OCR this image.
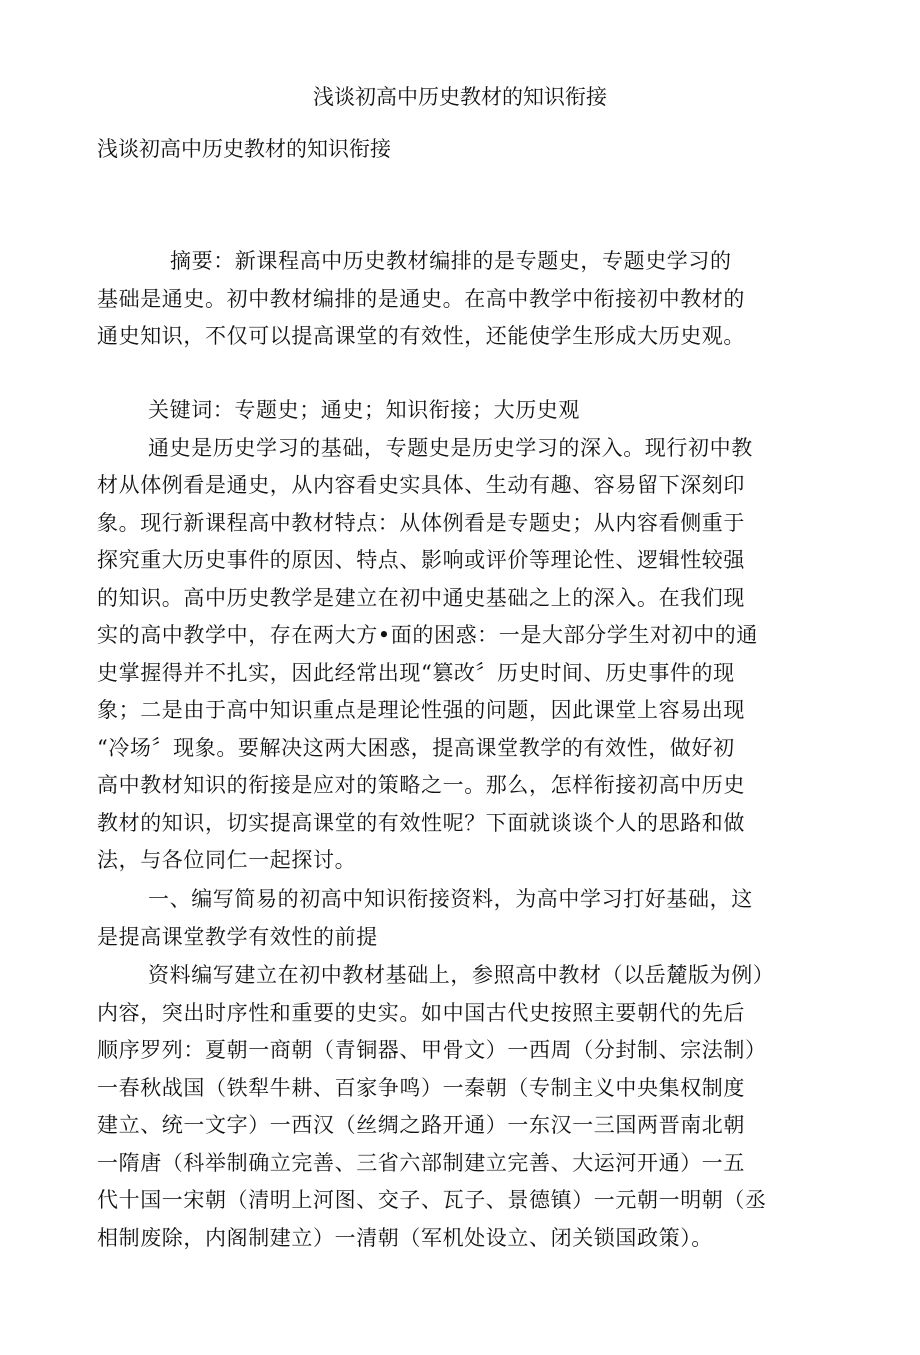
浅谈初高中历史教材的知识衔接
浅谈初高中历史教材的知识衔接
摘要：新课程高中历史教材编排的是专题史，专题史学习的
基础是通史。初中教材编排的是通史。在高中教学中衔接初中教材的
通史知识，不仅可以提高课堂的有效性，还能使学生形成大历史观。
关键词：专题史；通史；知识衔接；大历史观
通史是历史学习的基础，专题史是历史学习的深入。现行初中教
材从体例看是通史，从内容看史实具体、生动有趣、容易留下深刻印
象。现行新课程高中教材特点：从体例看是专题史；从内容看侧重于
探究重大历史事件的原因、特点、影响或评价等理论性、逻辑性较强
的知识。高中历史教学是建立在初中通史基础之上的深入。在我们现
实的高中教学中，存在两大方•面的困惑：一是大部分学生对初中的通
史掌握得并不扎实，因此经常出现“篡改〞历史时间、历史事件的现
象；二是由于高中知识重点是理论性强的问题，因此课堂上容易出现
“冷场〞现象。要解决这两大困惑，提高课堂教学的有效性，做好初
高中教材知识的衔接是应对的策略之一。那么，怎样衔接初高中历史
教材的知识，切实提高课堂的有效性呢？下面就谈谈个人的思路和做
法，与各位同仁一起探讨。
一、编写简易的初高中知识衔接资料，为高中学习打好基础，这
是提高课堂教学有效性的前提
资料编写建立在初中教材基础上，参照高中教材（以岳麓版为例）
内容，突出时序性和重要的史实。如中国古代史按照主要朝代的先后
顺序罗列：夏朝一商朝（青铜器、甲骨文）一西周（分封制、宗法制）
一春秋战国（铁犁牛耕、百家争鸣）一秦朝（专制主义中央集权制度
建立、统一文字）一西汉（丝绸之路开通）一东汉一三国两晋南北朝
一隋唐（科举制确立完善、三省六部制建立完善、大运河开通）一五
代十国一宋朝（清明上河图、交子、瓦子、景德镇）一元朝一明朝（丞
相制废除，内阁制建立）一清朝（军机处设立、闭关锁国政策）。
